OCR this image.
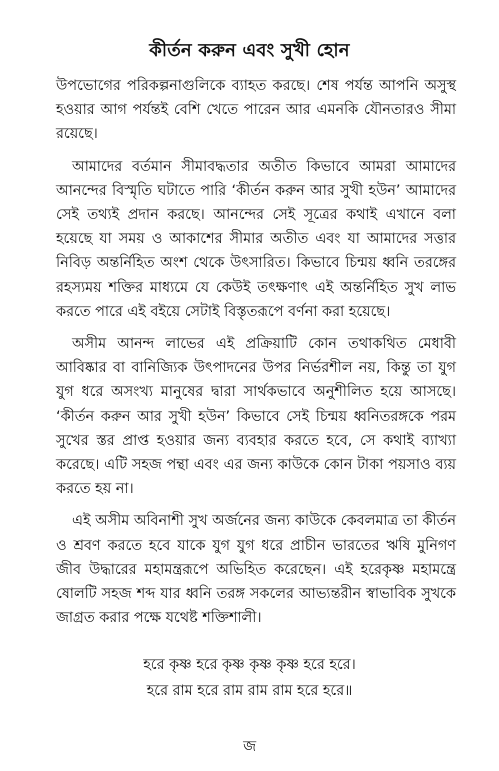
কীর্তন করুন এবং সুখী হোন

উপভোগের পরিকল্পনাগুলিকে ব্যাহত করছে। শেষ পর্যন্ত আপনি অসুস্থ হওয়ার আগ পর্যন্তই বেশি খেতে পারেন আর এমনকি যৌনতারও সীমা রয়েছে।

আমাদের বর্তমান সীমাবদ্ধতার অতীত কিভাবে আমরা আমাদের আনন্দের বিস্মৃতি ঘটাতে পারি ‘কীর্তন করুন আর সুখী হউন’ আমাদের সেই তথ্যই প্রদান করছে। আনন্দের সেই সূত্রের কথাই এখানে বলা হয়েছে যা সময় ও আকাশের সীমার অতীত এবং যা আমাদের সত্তার নিবিড় অন্তর্নিহিত অংশ থেকে উৎসারিত। কিভাবে চিন্ময় ধ্বনি তরঙ্গের রহস্যময় শক্তির মাধ্যমে যে কেউই তৎক্ষণাৎ এই অন্তর্নিহিত সুখ লাভ করতে পারে এই বইয়ে সেটাই বিস্তৃতরূপে বর্ণনা করা হয়েছে।

অসীম আনন্দ লাভের এই প্রক্রিয়াটি কোন তথাকথিত মেধাবী আবিষ্কার বা বানিজ্যিক উৎপাদনের উপর নির্ভরশীল নয়, কিন্তু তা যুগ যুগ ধরে অসংখ্য মানুষের দ্বারা সার্থকভাবে অনুশীলিত হয়ে আসছে। ‘কীর্তন করুন আর সুখী হউন’ কিভাবে সেই চিন্ময় ধ্বনিতরঙ্গকে পরম সুখের স্তর প্রাপ্ত হওয়ার জন্য ব্যবহার করতে হবে, সে কথাই ব্যাখ্যা করেছে। এটি সহজ পন্থা এবং এর জন্য কাউকে কোন টাকা পয়সাও ব্যয় করতে হয় না।

এই অসীম অবিনাশী সুখ অর্জনের জন্য কাউকে কেবলমাত্র তা কীর্তন ও শ্রবণ করতে হবে যাকে যুগ যুগ ধরে প্রাচীন ভারতের ঋষি মুনিগণ জীব উদ্ধারের মহামন্ত্ররূপে অভিহিত করেছেন। এই হরেকৃষ্ণ মহামন্ত্রে ষোলটি সহজ শব্দ যার ধ্বনি তরঙ্গ সকলের আভ্যন্তরীন স্বাভাবিক সুখকে জাগ্রত করার পক্ষে যথেষ্ট শক্তিশালী।

হরে কৃষ্ণ হরে কৃষ্ণ কৃষ্ণ কৃষ্ণ হরে হরে।
হরে রাম হরে রাম রাম রাম হরে হরে॥
জ
